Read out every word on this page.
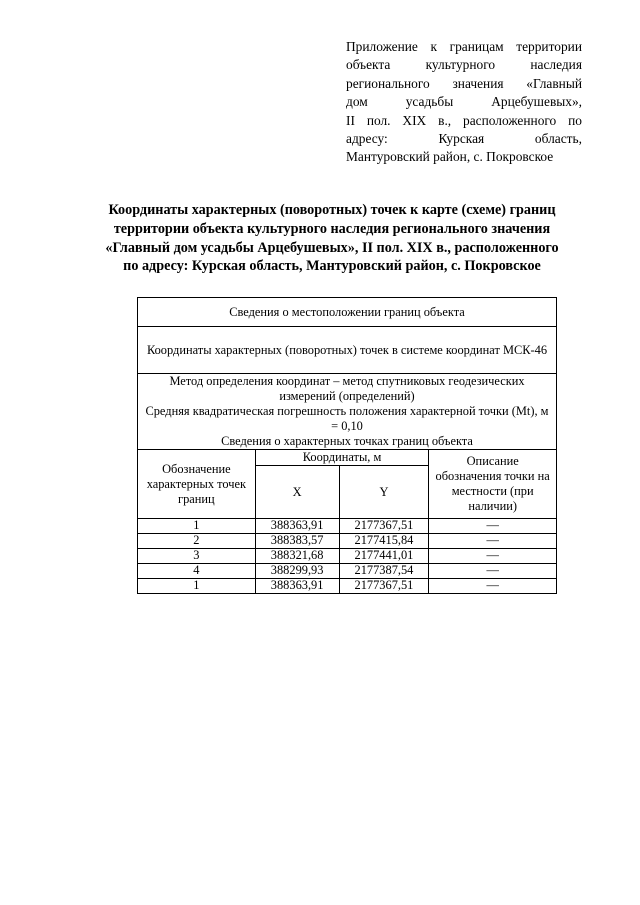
Приложение к границам территории
объекта культурного наследия
регионального значения «Главный
дом усадьбы Арцебушевых»,
II пол. XIX в., расположенного по
адресу: Курская область,
Мантуровский район, с. Покровское
Координаты характерных (поворотных) точек к карте (схеме) границ
территории объекта культурного наследия регионального значения
«Главный дом усадьбы Арцебушевых», II пол. XIX в., расположенного
по адресу: Курская область, Мантуровский район, с. Покровское
Сведения о местоположении границ объекта			
Координаты характерных (поворотных) точек в системе координат МСК-46			

Метод определения координат – метод спутниковых геодезических измерений (определений)
Средняя квадратическая погрешность положения характерной точки (Mt), м = 0,10
Сведения о характерных точках границ объекта			

Обозначение характерных точек границ	Координаты, м		Описание обозначения точки на местности (при наличии)
	X	Y	
1	388363,91	2177367,51	—
2	388383,57	2177415,84	—
3	388321,68	2177441,01	—
4	388299,93	2177387,54	—
1	388363,91	2177367,51	—
